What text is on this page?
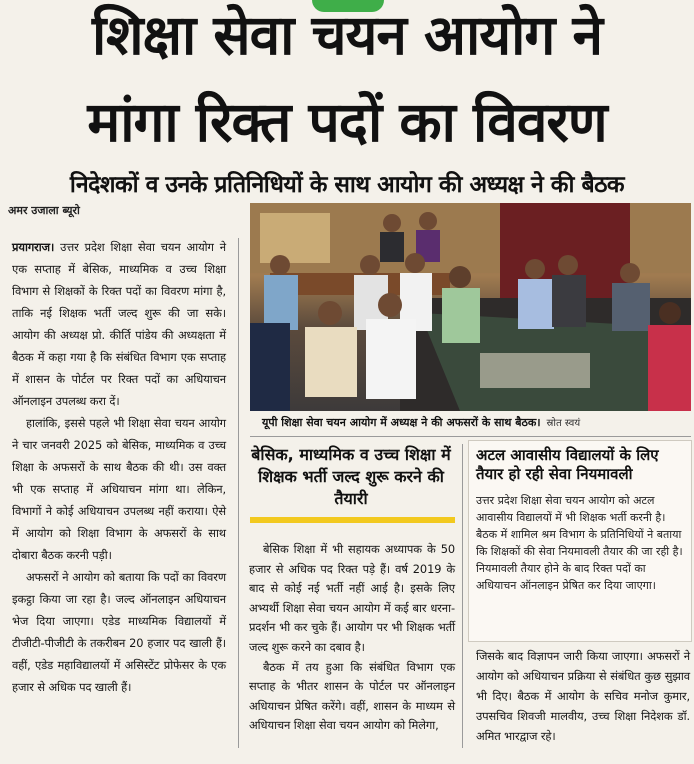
शिक्षा सेवा चयन आयोग ने
मांगा रिक्त पदों का विवरण
निदेशकों व उनके प्रतिनिधियों के साथ आयोग की अध्यक्ष ने की बैठक
अमर उजाला ब्यूरो

प्रयागराज। उत्तर प्रदेश शिक्षा सेवा चयन आयोग ने एक सप्ताह में बेसिक, माध्यमिक व उच्च शिक्षा विभाग से शिक्षकों के रिक्त पदों का विवरण मांगा है, ताकि नई शिक्षक भर्ती जल्द शुरू की जा सके। आयोग की अध्यक्ष प्रो. कीर्ति पांडेय की अध्यक्षता में बैठक में कहा गया है कि संबंधित विभाग एक सप्ताह में शासन के पोर्टल पर रिक्त पदों का अधियाचन ऑनलाइन उपलब्ध करा दें।

हालांकि, इससे पहले भी शिक्षा सेवा चयन आयोग ने चार जनवरी 2025 को बेसिक, माध्यमिक व उच्च शिक्षा के अफसरों के साथ बैठक की थी। उस वक्त भी एक सप्ताह में अधियाचन मांगा था। लेकिन, विभागों ने कोई अधियाचन उपलब्ध नहीं कराया। ऐसे में आयोग को शिक्षा विभाग के अफसरों के साथ दोबारा बैठक करनी पड़ी।

अफसरों ने आयोग को बताया कि पदों का विवरण इकट्ठा किया जा रहा है। जल्द ऑनलाइन अधियाचन भेज दिया जाएगा। एडेड माध्यमिक विद्यालयों में टीजीटी-पीजीटी के तकरीबन 20 हजार पद खाली हैं। वहीं, एडेड महाविद्यालयों में असिस्टेंट प्रोफेसर के एक हजार से अधिक पद खाली हैं।

यूपी शिक्षा सेवा चयन आयोग में अध्यक्ष ने की अफसरों के साथ बैठक। स्रोत स्वयं
बेसिक, माध्यमिक व उच्च शिक्षा में शिक्षक भर्ती जल्द शुरू करने की तैयारी

बेसिक शिक्षा में भी सहायक अध्यापक के 50 हजार से अधिक पद रिक्त पड़े हैं। वर्ष 2019 के बाद से कोई नई भर्ती नहीं आई है। इसके लिए अभ्यर्थी शिक्षा सेवा चयन आयोग में कई बार धरना-प्रदर्शन भी कर चुके हैं। आयोग पर भी शिक्षक भर्ती जल्द शुरू करने का दबाव है।

बैठक में तय हुआ कि संबंधित विभाग एक सप्ताह के भीतर शासन के पोर्टल पर ऑनलाइन अधियाचन प्रेषित करेंगे। वहीं, शासन के माध्यम से अधियाचन शिक्षा सेवा चयन आयोग को मिलेगा,

अटल आवासीय विद्यालयों के लिए तैयार हो रही सेवा नियमावली
उत्तर प्रदेश शिक्षा सेवा चयन आयोग को अटल आवासीय विद्यालयों में भी शिक्षक भर्ती करनी है। बैठक में शामिल श्रम विभाग के प्रतिनिधियों ने बताया कि शिक्षकों की सेवा नियमावली तैयार की जा रही है। नियमावली तैयार होने के बाद रिक्त पदों का अधियाचन ऑनलाइन प्रेषित कर दिया जाएगा।

जिसके बाद विज्ञापन जारी किया जाएगा। अफसरों ने आयोग को अधियाचन प्रक्रिया से संबंधित कुछ सुझाव भी दिए। बैठक में आयोग के सचिव मनोज कुमार, उपसचिव शिवजी मालवीय, उच्च शिक्षा निदेशक डॉ. अमित भारद्वाज रहे।
